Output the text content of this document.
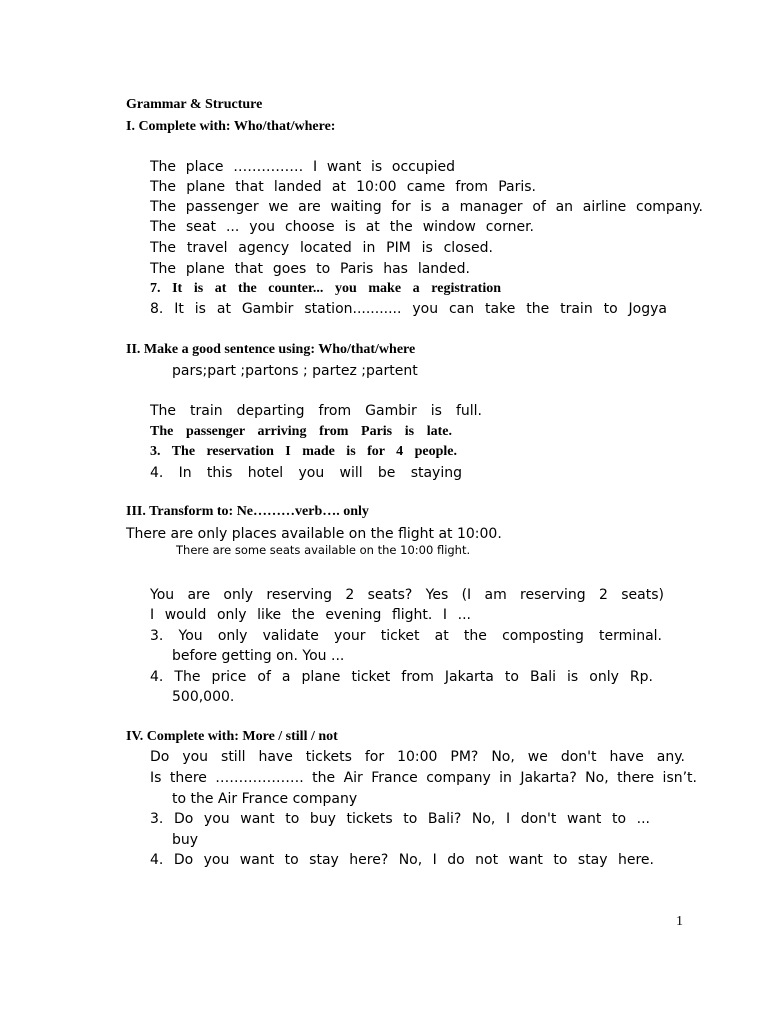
Grammar & Structure
I. Complete with: Who/that/where:
The place …………… I want is occupied
The plane that landed at 10:00 came from Paris.
The passenger we are waiting for is a manager of an airline company.
The seat ... you choose is at the window corner.
The travel agency located in PIM is closed.
The plane that goes to Paris has landed.
7. It is at the counter... you make a registration
8. It is at Gambir station........... you can take the train to Jogya
II. Make a good sentence using: Who/that/where
pars;part ;partons ; partez ;partent
The train departing from Gambir is full.
The passenger arriving from Paris is late.
3. The reservation I made is for 4 people.
4. In this hotel you will be staying
III. Transform to: Ne………verb…. only
There are only places available on the flight at 10:00.
There are some seats available on the 10:00 flight.
You are only reserving 2 seats? Yes (I am reserving 2 seats)
I would only like the evening flight. I ...
3. You only validate your ticket at the composting terminal.
before getting on. You ...
4. The price of a plane ticket from Jakarta to Bali is only Rp.
500,000.
IV. Complete with: More / still / not
Do you still have tickets for 10:00 PM? No, we don't have any.
Is there ………………. the Air France company in Jakarta? No, there isn’t.
to the Air France company
3. Do you want to buy tickets to Bali? No, I don't want to ...
buy
4. Do you want to stay here? No, I do not want to stay here.
1
